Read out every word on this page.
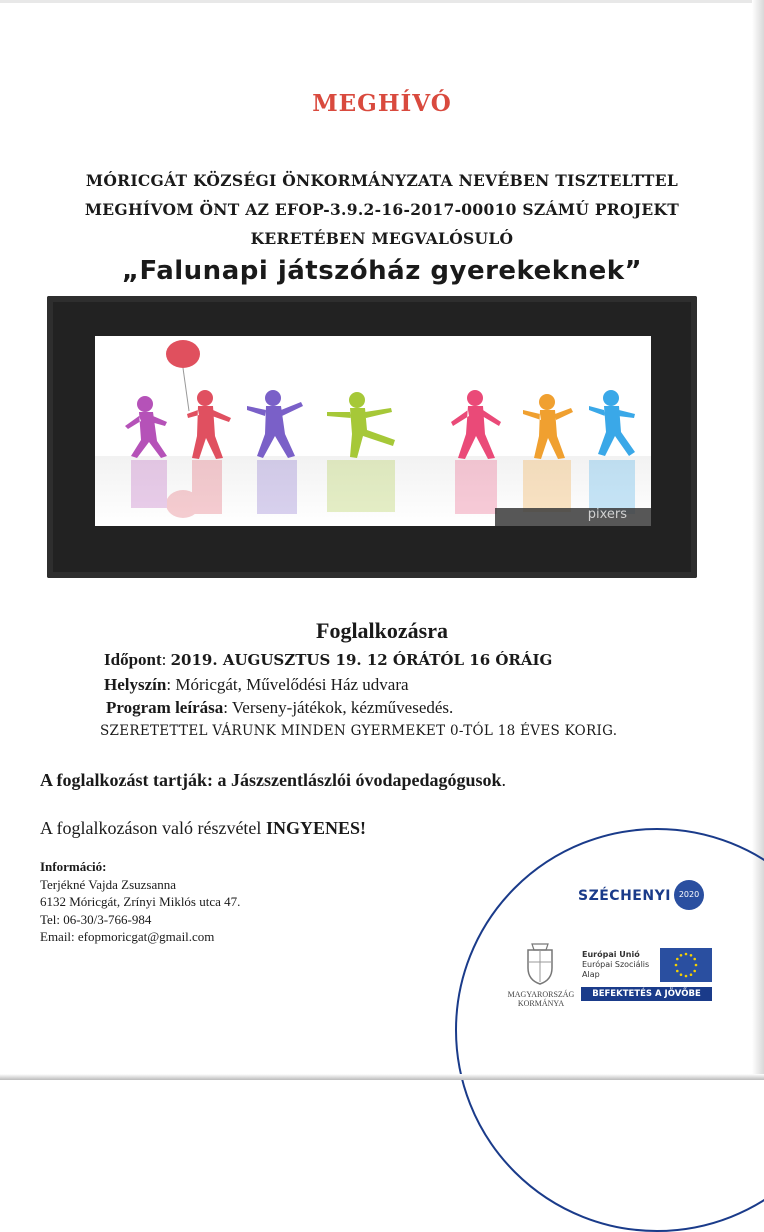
MEGHÍVÓ
MÓRICGÁT KÖZSÉGI ÖNKORMÁNYZATA NEVÉBEN TISZTELTTEL
MEGHÍVOM ÖNT AZ EFOP-3.9.2-16-2017-00010 SZÁMÚ PROJEKT
KERETÉBEN MEGVALÓSULÓ
„Falunapi játszóház gyerekeknek”
pixers
Foglalkozásra
Időpont: 2019. AUGUSZTUS 19. 12 ÓRÁTÓL 16 ÓRÁIG
Helyszín: Móricgát, Művelődési Ház udvara
Program leírása: Verseny-játékok, kézművesedés.
SZERETETTEL VÁRUNK MINDEN GYERMEKET 0-TÓL 18 ÉVES KORIG.
A foglalkozást tartják: a Jászszentlászlói óvodapedagógusok.
A foglalkozáson való részvétel INGYENES!
Információ:
Terjékné Vajda Zsuzsanna
6132 Móricgát, Zrínyi Miklós utca 47.
Tel: 06-30/3-766-984
Email: efopmoricgat@gmail.com
SZÉCHENYI 2020
MAGYARORSZÁG
KORMÁNYA
Európai Unió
Európai Szociális
Alap
BEFEKTETÉS A JÖVŐBE
